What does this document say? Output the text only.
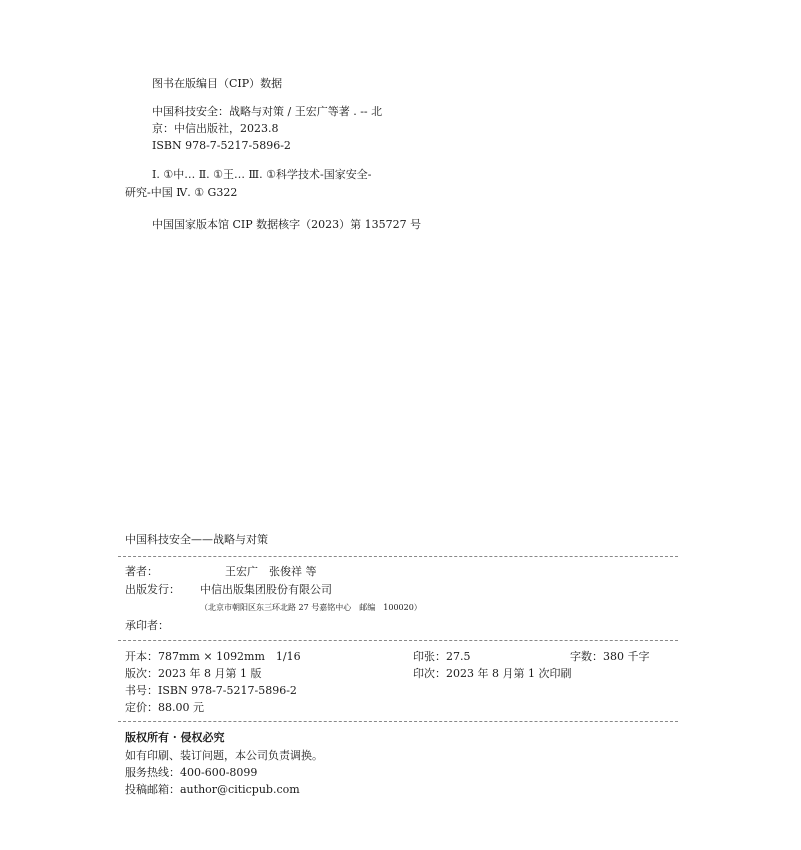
图书在版编目（CIP）数据
中国科技安全：战略与对策 / 王宏广等著 . -- 北
京：中信出版社，2023.8
ISBN 978-7-5217-5896-2
Ⅰ. ①中… Ⅱ. ①王… Ⅲ. ①科学技术-国家安全-
研究-中国 Ⅳ. ① G322
中国国家版本馆 CIP 数据核字（2023）第 135727 号
中国科技安全——战略与对策
著者：	王宏广　张俊祥 等
出版发行： 中信出版集团股份有限公司
（北京市朝阳区东三环北路 27 号嘉铭中心　邮编　100020）
承印者：
开本：787mm × 1092mm　1/16	印张：27.5	字数：380 千字
版次：2023 年 8 月第 1 版	印次：2023 年 8 月第 1 次印刷
书号：ISBN 978-7-5217-5896-2
定价：88.00 元
版权所有 · 侵权必究
如有印刷、装订问题，本公司负责调换。
服务热线：400-600-8099
投稿邮箱：author@citicpub.com
